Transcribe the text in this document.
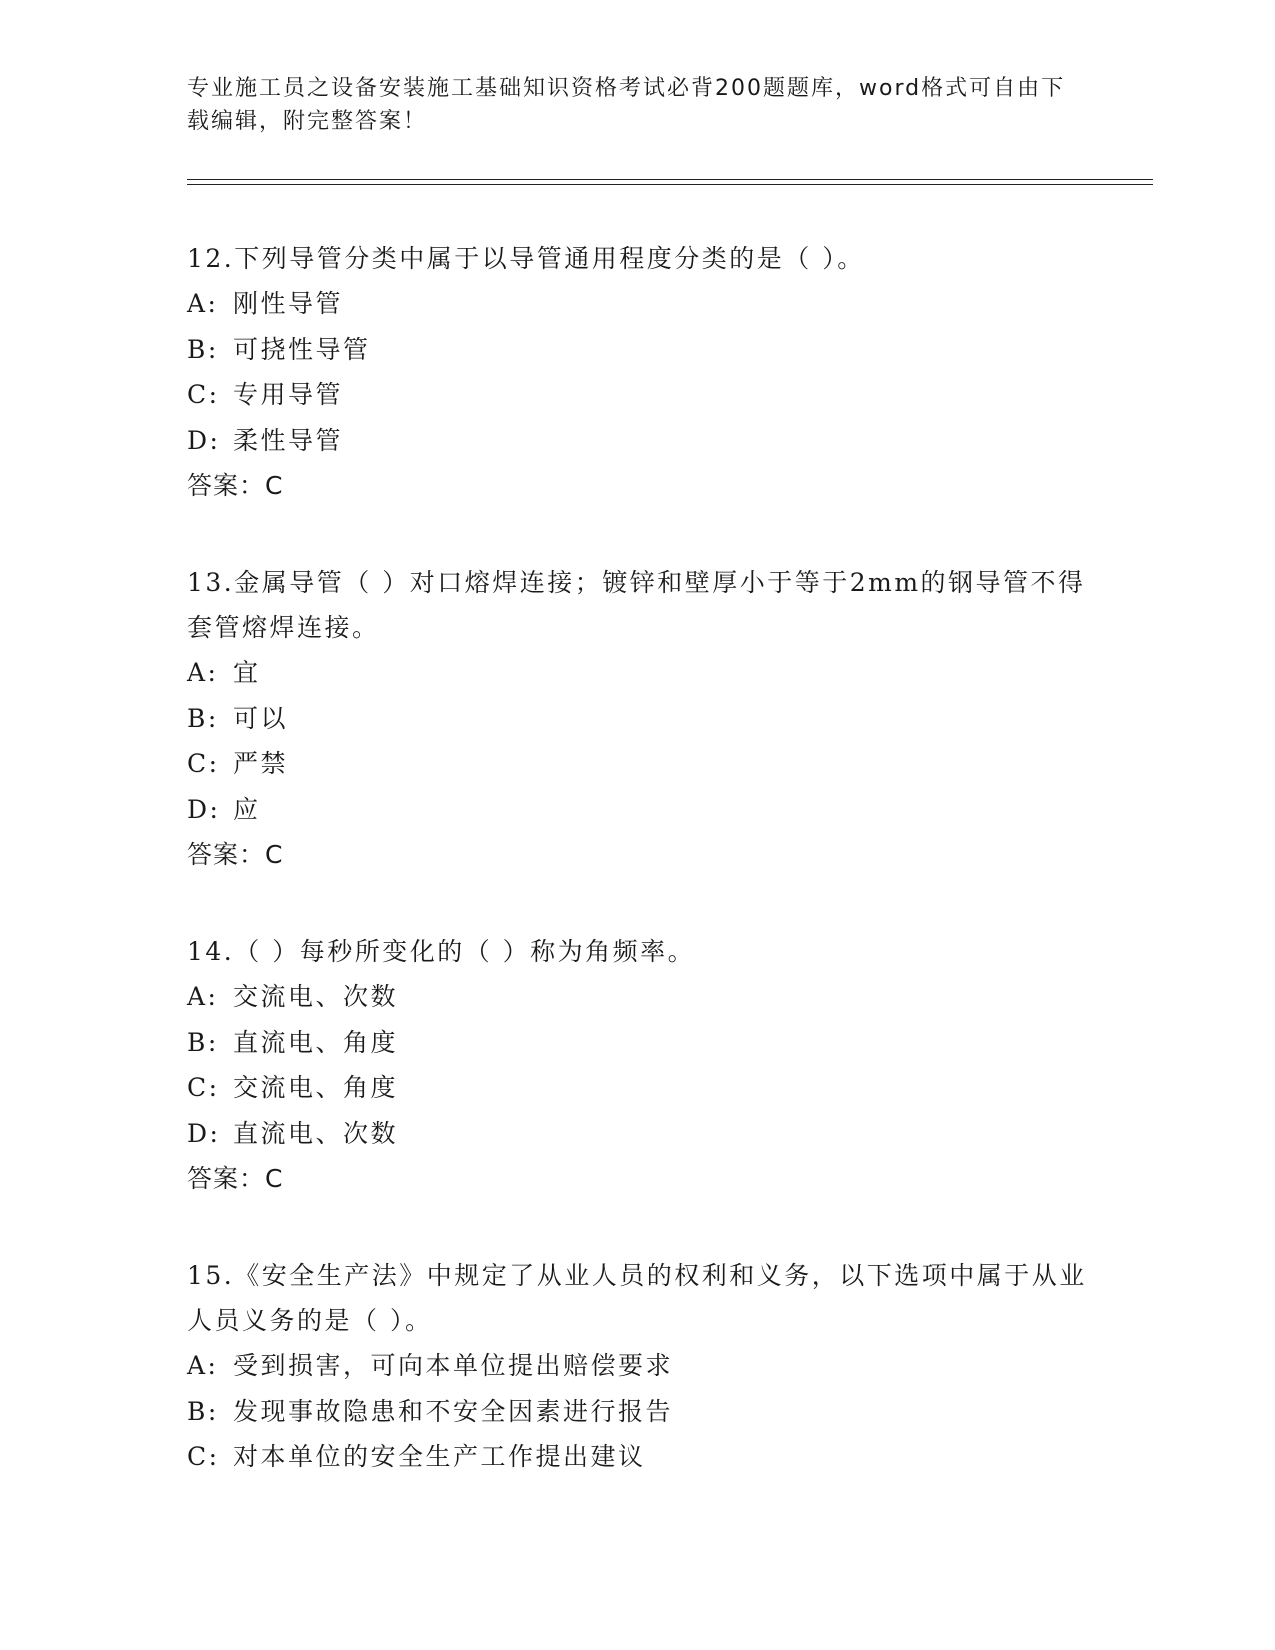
专业施工员之设备安装施工基础知识资格考试必背200题题库，word格式可自由下载编辑，附完整答案！

12.下列导管分类中属于以导管通用程度分类的是（ ）。

A: 刚性导管
B: 可挠性导管
C: 专用导管
D: 柔性导管
答案：C

13.金属导管（ ）对口熔焊连接；镀锌和壁厚小于等于2mm的钢导管不得套管熔焊连接。

A: 宜
B: 可以
C: 严禁
D: 应
答案：C

14.（ ）每秒所变化的（ ）称为角频率。

A: 交流电、次数
B: 直流电、角度
C: 交流电、角度
D: 直流电、次数
答案：C

15.《安全生产法》中规定了从业人员的权利和义务，以下选项中属于从业人员义务的是（ ）。

A: 受到损害，可向本单位提出赔偿要求
B: 发现事故隐患和不安全因素进行报告
C: 对本单位的安全生产工作提出建议
